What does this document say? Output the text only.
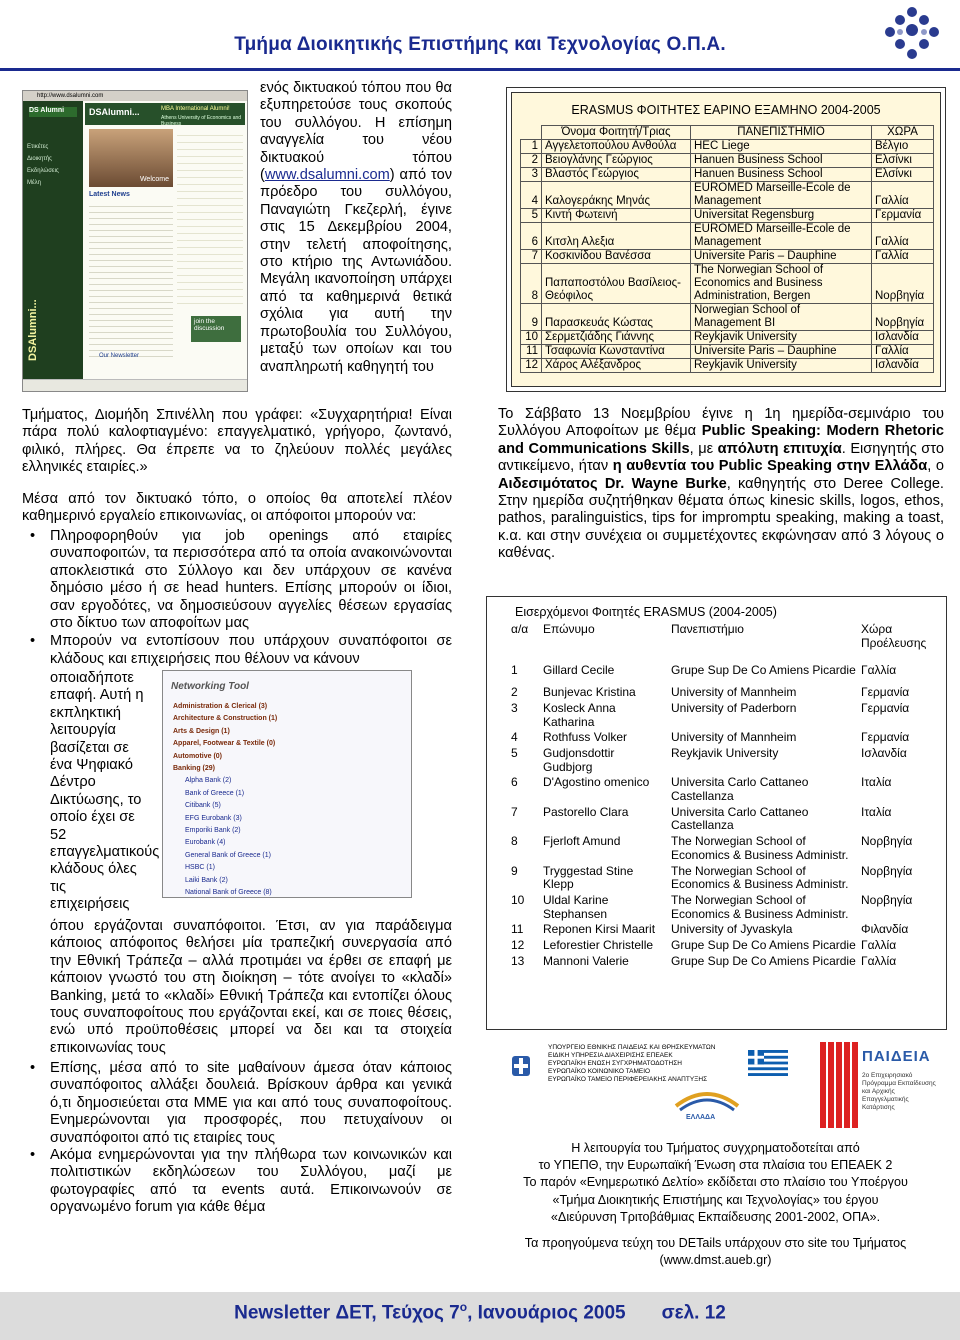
Τμήμα Διοικητικής Επιστήμης και Τεχνολογίας Ο.Π.Α.
http://www.dsalumni.com
DS Alumni
Ετικέτες
Διοικητής
Εκδηλώσεις
Μέλη
DSAlumni...
DSAlumni...	MBA International Alumni!
Athens University of Economics and Business
Welcome
Latest News
join the discussion
Our Newsletter
ενός δικτυακού τόπου που θα εξυπηρετούσε τους σκοπούς του συλλόγου. Η επίσημη αναγγελία του νέου δικτυακού τόπου (www.dsalumni.com) από τον πρόεδρο του συλλόγου, Παναγιώτη Γκεζερλή, έγινε στις 15 Δεκεμβρίου 2004, στην τελετή αποφοίτησης, στο κτήριο της Αντωνιάδου. Μεγάλη ικανοποίηση υπάρχει από τα καθημερινά θετικά σχόλια για αυτή την πρωτοβουλία του Συλλόγου, μεταξύ των οποίων και του αναπληρωτή καθηγητή του
Τμήματος, Διομήδη Σπινέλλη που γράφει: «Συγχαρητήρια! Είναι πάρα πολύ καλοφτιαγμένο: επαγγελματικό, γρήγορο, ζωντανό, φιλικό, πλήρες. Θα έπρεπε να το ζηλεύουν πολλές μεγάλες ελληνικές εταιρίες.»
Μέσα από τον δικτυακό τόπο, ο οποίος θα αποτελεί πλέον καθημερινό εργαλείο επικοινωνίας, οι απόφοιτοι μπορούν να:
• Πληροφορηθούν για job openings από εταιρίες συναποφοιτών, τα περισσότερα από τα οποία ανακοινώνονται αποκλειστικά στο Σύλλογο και δεν υπάρχουν σε κανένα δημόσιο μέσο ή σε head hunters. Επίσης μπορούν οι ίδιοι, σαν εργοδότες, να δημοσιεύσουν αγγελίες θέσεων εργασίας στο δίκτυο των αποφοίτων μας
• Μπορούν να εντοπίσουν που υπάρχουν συναπόφοιτοι σε κλάδους και επιχειρήσεις που θέλουν να κάνουν
οποιαδήποτε επαφή. Αυτή η εκπληκτική λειτουργία βασίζεται σε ένα Ψηφιακό Δέντρο Δικτύωσης, το οποίο έχει σε 52 επαγγελματικούς κλάδους όλες τις επιχειρήσεις
Networking Tool
Administration & Clerical (3)
Architecture & Construction (1)
Arts & Design (1)
Apparel, Footwear & Textile (0)
Automotive (0)
Banking (29)
Alpha Bank (2)
Bank of Greece (1)
Citibank (5)
EFG Eurobank (3)
Emporiki Bank (2)
Eurobank (4)
General Bank of Greece (1)
HSBC (1)
Laiki Bank (2)
National Bank of Greece (8)
όπου εργάζονται συναπόφοιτοι. Έτσι, αν για παράδειγμα κάποιος απόφοιτος θελήσει μία τραπεζική συνεργασία από την Εθνική Τράπεζα – αλλά προτιμάει να έρθει σε επαφή με κάποιον γνωστό του στη διοίκηση – τότε ανοίγει το «κλαδί» Banking, μετά το «κλαδί» Εθνική Τράπεζα και εντοπίζει όλους τους συναποφοίτους που εργάζονται εκεί, και σε ποιες θέσεις, ενώ υπό προϋποθέσεις μπορεί να δει και τα στοιχεία επικοινωνίας τους
• Επίσης, μέσα από το site μαθαίνουν άμεσα όταν κάποιος συναπόφοιτος αλλάξει δουλειά. Βρίσκουν άρθρα και γενικά ό,τι δημοσιεύεται στα ΜΜΕ για και από τους συναποφοίτους. Ενημερώνονται για προσφορές, που πετυχαίνουν οι συναπόφοιτοι από τις εταιρίες τους
• Ακόμα ενημερώνονται για την πλήθωρα των κοινωνικών και πολιτιστικών εκδηλώσεων του Συλλόγου, μαζί με φωτογραφίες από τα events αυτά. Επικοινωνούν σε οργανωμένο forum για κάθε θέμα
ERASMUS ΦΟΙΤΗΤΕΣ ΕΑΡΙΝΟ ΕΞΑΜΗΝΟ 2004-2005
	Όνομα Φοιτητή/Τριας	ΠΑΝΕΠΙΣΤΗΜΙΟ	ΧΩΡΑ
1	Αγγελετοπούλου Ανθούλα	HEC Liege	Βέλγιο
2	Βειογλάνης Γεώργιος	Hanuen Business School	Ελσίνκι
3	Βλαστός Γεώργιος	Hanuen Business School	Ελσίνκι
4	Καλογεράκης Μηνάς	EUROMED Marseille-Ecole de Management	Γαλλία
5	Κιντή Φωτεινή	Universitat Regensburg	Γερμανία
6	Κιτσλη Αλεξια	EUROMED Marseille-Ecole de Management	Γαλλία
7	Κοσκινίδου Βανέσσα	Universite Paris – Dauphine	Γαλλία
8	Παπαποστόλου Βασίλειος-Θεόφιλος	The Norwegian School of Economics and Business Administration, Bergen	Νορβηγία
9	Παρασκευάς Κώστας	Norwegian School of Management BI	Νορβηγία
10	Σερμετζιάδης Γιάννης	Reykjavik University	Ισλανδία
11	Τσαφωνία Κωνσταντίνα	Universite Paris – Dauphine	Γαλλία
12	Χάρος Αλέξανδρος	Reykjavik University	Ισλανδία
Το Σάββατο 13 Νοεμβρίου έγινε η 1η ημερίδα-σεμινάριο του Συλλόγου Αποφοίτων με θέμα Public Speaking: Modern Rhetoric and Communications Skills, με απόλυτη επιτυχία. Εισηγητής στο αντικείμενο, ήταν η αυθεντία του Public Speaking στην Ελλάδα, ο Αιδεσιμότατος Dr. Wayne Burke, καθηγητής στο Deree College. Στην ημερίδα συζητήθηκαν θέματα όπως kinesic skills, logos, ethos, pathos, paralinguistics, tips for impromptu speaking, making a toast, κ.α. και στην συνέχεια οι συμμετέχοντες εκφώνησαν από 3 λόγους ο καθένας.
Εισερχόμενοι Φοιτητές ERASMUS (2004-2005)
α/α	Επώνυμο	Πανεπιστήμιο	Χώρα Προέλευσης
1	Gillard Cecile	Grupe Sup De Co Amiens Picardie	Γαλλία
2	Bunjevac Kristina	University of Mannheim	Γερμανία
3	Kosleck Anna Katharina	University of Paderborn	Γερμανία
4	Rothfuss Volker	University of Mannheim	Γερμανία
5	Gudjonsdottir Gudbjorg	Reykjavik University	Ισλανδία
6	D'Agostino omenico	Universita Carlo Cattaneo Castellanza	Ιταλία
7	Pastorello Clara	Universita Carlo Cattaneo Castellanza	Ιταλία
8	Fjerloft Amund	The Norwegian School of Economics & Business Administr.	Νορβηγία
9	Tryggestad Stine Klepp	The Norwegian School of Economics & Business Administr.	Νορβηγία
10	Uldal Karine Stephansen	The Norwegian School of Economics & Business Administr.	Νορβηγία
11	Reponen Kirsi Maarit	University of Jyvaskyla	Φιλανδία
12	Leforestier Christelle	Grupe Sup De Co Amiens Picardie	Γαλλία
13	Mannoni Valerie	Grupe Sup De Co Amiens Picardie	Γαλλία
ΥΠΟΥΡΓΕΙΟ ΕΘΝΙΚΗΣ ΠΑΙΔΕΙΑΣ ΚΑΙ ΘΡΗΣΚΕΥΜΑΤΩΝ
ΕΙΔΙΚΗ ΥΠΗΡΕΣΙΑ ΔΙΑΧΕΙΡΙΣΗΣ ΕΠΕΑΕΚ
ΕΥΡΩΠΑΪΚΗ ΕΝΩΣΗ ΣΥΓΧΡΗΜΑΤΟΔΟΤΗΣΗ
ΕΥΡΩΠΑΪΚΟ ΚΟΙΝΩΝΙΚΟ ΤΑΜΕΙΟ
ΕΥΡΩΠΑΪΚΟ ΤΑΜΕΙΟ ΠΕΡΙΦΕΡΕΙΑΚΗΣ ΑΝΑΠΤΥΞΗΣ
ΕΛΛΑΔΑ
ΠΑΙΔΕΙΑ
2ο Επιχειρησιακό Πρόγραμμα Εκπαίδευσης και Αρχικής Επαγγελματικής Κατάρτισης
Η λειτουργία του Τμήματος συγχρηματοδοτείται από
το ΥΠΕΠΘ, την Ευρωπαϊκή Ένωση στα πλαίσια του ΕΠΕΑΕΚ 2
Το παρόν «Ενημερωτικό Δελτίο» εκδίδεται στο πλαίσιο του Υποέργου
«Τμήμα Διοικητικής Επιστήμης και Τεχνολογίας» του έργου
«Διεύρυνση Τριτοβάθμιας Εκπαίδευσης 2001-2002, ΟΠΑ».
Τα προηγούμενα τεύχη του DETails υπάρχουν στο site του Τμήματος
(www.dmst.aueb.gr)
Newsletter ΔΕΤ, Τεύχος $7^o$, Ιανουάριος 2005 σελ. 12
